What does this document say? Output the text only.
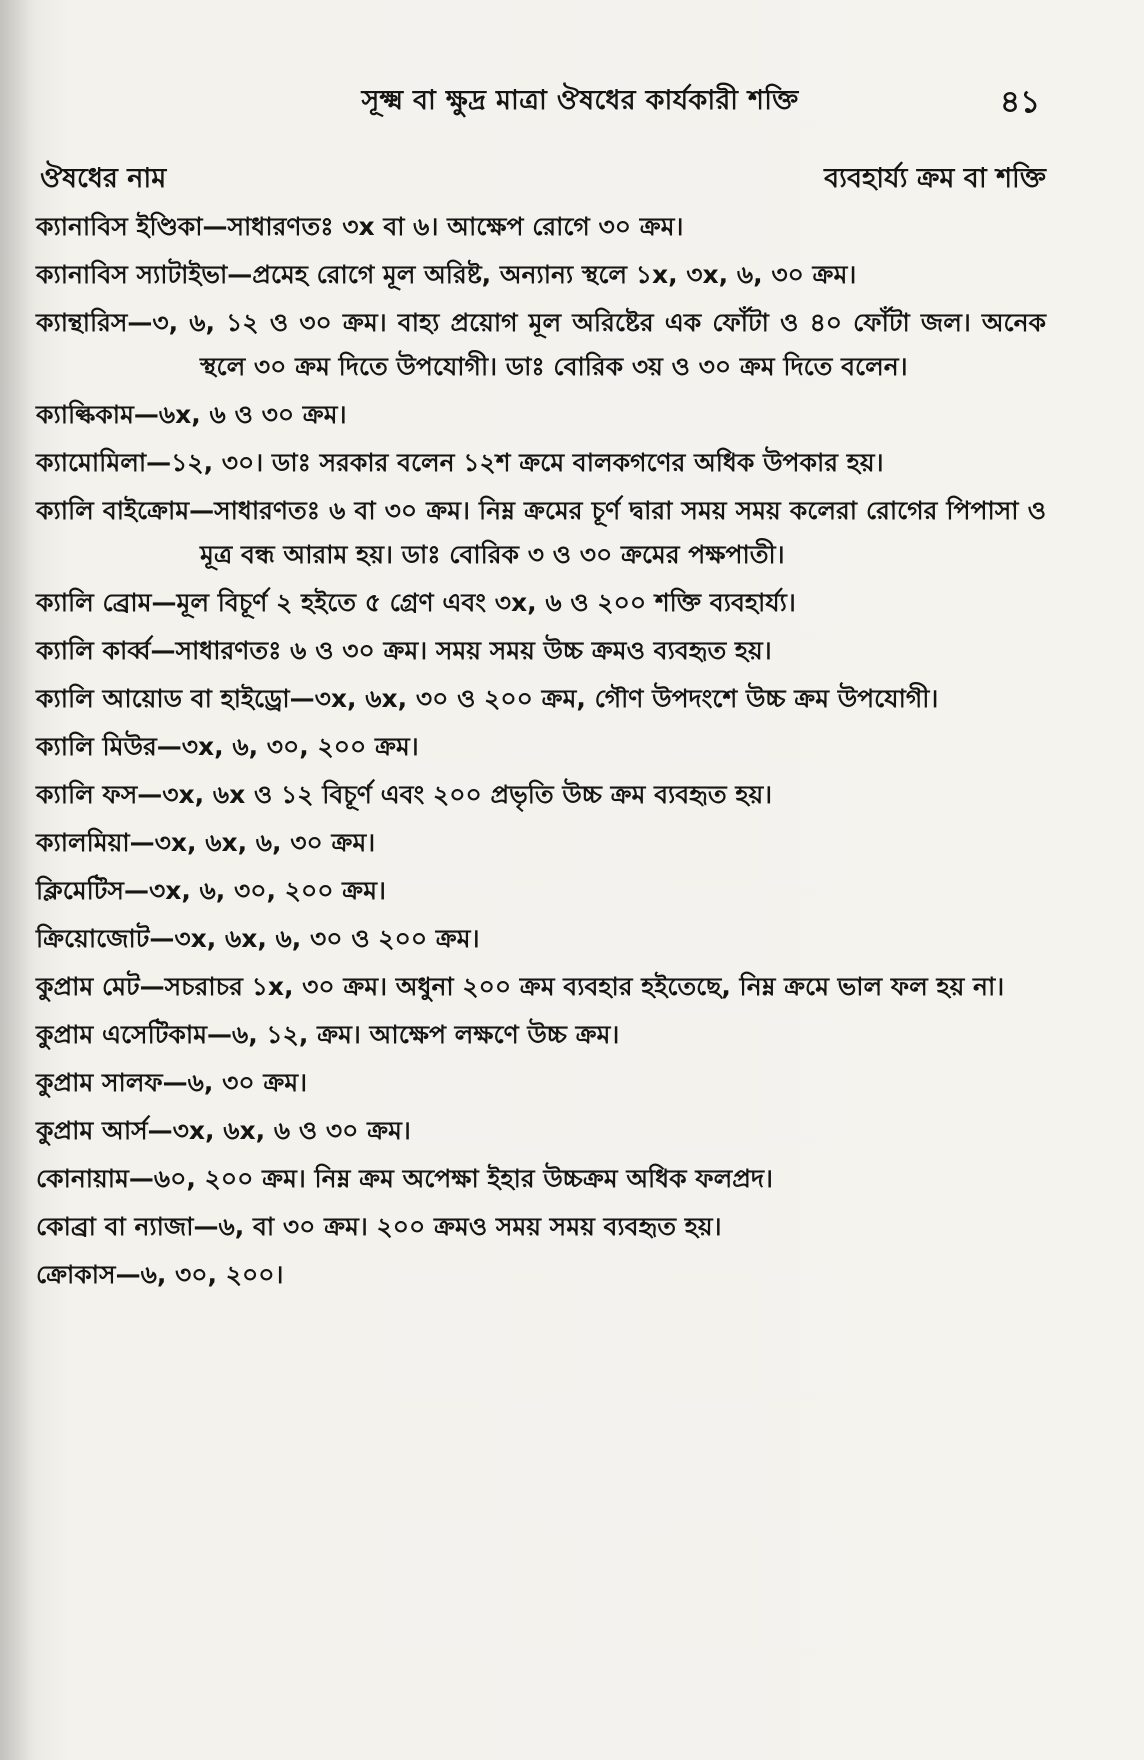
সূক্ষ্ম বা ক্ষুদ্র মাত্রা ঔষধের কার্যকারী শক্তি	৪১
ঔষধের নাম	ব্যবহার্য্য ক্রম বা শক্তি
ক্যানাবিস ইণ্ডিকা—সাধারণতঃ ৩x বা ৬। আক্ষেপ রোগে ৩০ ক্রম।
ক্যানাবিস স্যাটাইভা—প্রমেহ রোগে মূল অরিষ্ট, অন্যান্য স্থলে ১x, ৩x, ৬, ৩০ ক্রম।
ক্যান্থারিস—৩, ৬, ১২ ও ৩০ ক্রম। বাহ্য প্রয়োগ মূল অরিষ্টের এক ফোঁটা ও ৪০ ফোঁটা জল। অনেক স্থলে ৩০ ক্রম দিতে উপযোগী। ডাঃ বোরিক ৩য় ও ৩০ ক্রম দিতে বলেন।
ক্যাল্কিকাম—৬x, ৬ ও ৩০ ক্রম।
ক্যামোমিলা—১২, ৩০। ডাঃ সরকার বলেন ১২শ ক্রমে বালকগণের অধিক উপকার হয়।
ক্যালি বাইক্রোম—সাধারণতঃ ৬ বা ৩০ ক্রম। নিম্ন ক্রমের চূর্ণ দ্বারা সময় সময় কলেরা রোগের পিপাসা ও মূত্র বন্ধ আরাম হয়। ডাঃ বোরিক ৩ ও ৩০ ক্রমের পক্ষপাতী।
ক্যালি ব্রোম—মূল বিচূর্ণ ২ হইতে ৫ গ্রেণ এবং ৩x, ৬ ও ২০০ শক্তি ব্যবহার্য্য।
ক্যালি কার্ব্ব—সাধারণতঃ ৬ ও ৩০ ক্রম। সময় সময় উচ্চ ক্রমও ব্যবহৃত হয়।
ক্যালি আয়োড বা হাইড্রো—৩x, ৬x, ৩০ ও ২০০ ক্রম, গৌণ উপদংশে উচ্চ ক্রম উপযোগী।
ক্যালি মিউর—৩x, ৬, ৩০, ২০০ ক্রম।
ক্যালি ফস—৩x, ৬x ও ১২ বিচূর্ণ এবং ২০০ প্রভৃতি উচ্চ ক্রম ব্যবহৃত হয়।
ক্যালমিয়া—৩x, ৬x, ৬, ৩০ ক্রম।
ক্লিমেটিস—৩x, ৬, ৩০, ২০০ ক্রম।
ক্রিয়োজোট—৩x, ৬x, ৬, ৩০ ও ২০০ ক্রম।
কুপ্রাম মেট—সচরাচর ১x, ৩০ ক্রম। অধুনা ২০০ ক্রম ব্যবহার হইতেছে, নিম্ন ক্রমে ভাল ফল হয় না।
কুপ্রাম এসেটিকাম—৬, ১২, ক্রম। আক্ষেপ লক্ষণে উচ্চ ক্রম।
কুপ্রাম সালফ—৬, ৩০ ক্রম।
কুপ্রাম আর্স—৩x, ৬x, ৬ ও ৩০ ক্রম।
কোনায়াম—৬০, ২০০ ক্রম। নিম্ন ক্রম অপেক্ষা ইহার উচ্চক্রম অধিক ফলপ্রদ।
কোব্রা বা ন্যাজা—৬, বা ৩০ ক্রম। ২০০ ক্রমও সময় সময় ব্যবহৃত হয়।
ক্রোকাস—৬, ৩০, ২০০।
